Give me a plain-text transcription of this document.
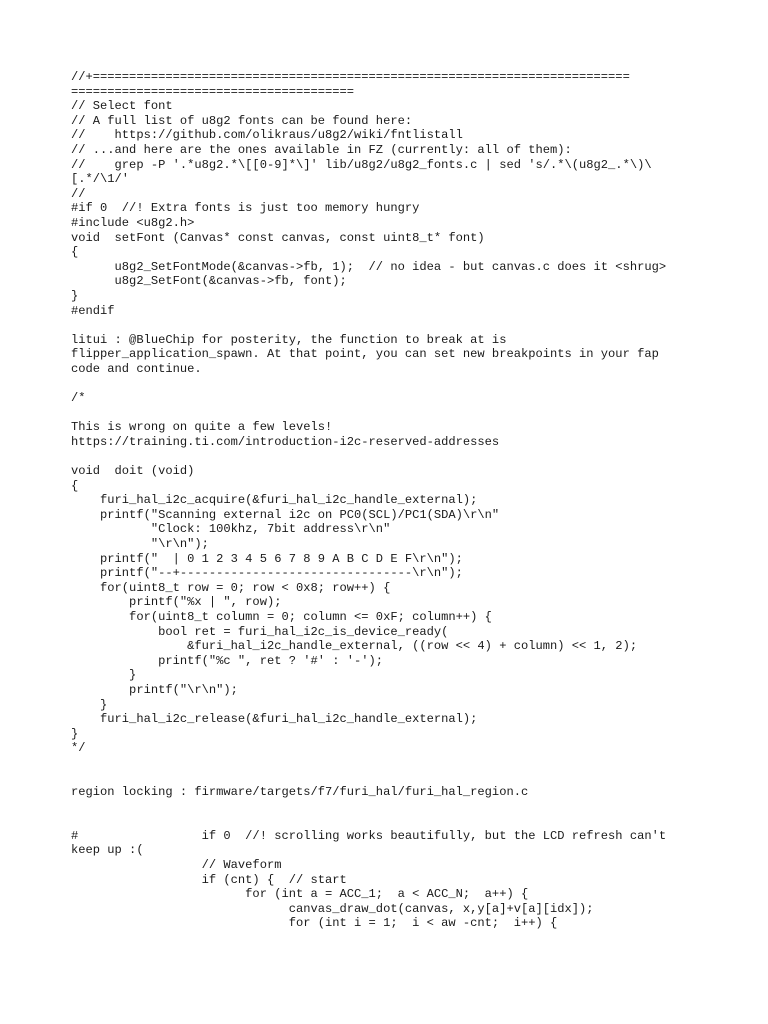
//+==========================================================================
=======================================
// Select font
// A full list of u8g2 fonts can be found here:
//    https://github.com/olikraus/u8g2/wiki/fntlistall
// ...and here are the ones available in FZ (currently: all of them):
//    grep -P '.*u8g2.*\[[0-9]*\]' lib/u8g2/u8g2_fonts.c | sed 's/.*\(u8g2_.*\)\
[.*/\1/'
//
#if 0  //! Extra fonts is just too memory hungry
#include <u8g2.h>
void  setFont (Canvas* const canvas, const uint8_t* font)
{
u8g2_SetFontMode(&canvas->fb, 1);  // no idea - but canvas.c does it <shrug>
u8g2_SetFont(&canvas->fb, font);
}
#endif
litui : @BlueChip for posterity, the function to break at is
flipper_application_spawn. At that point, you can set new breakpoints in your fap
code and continue.
/*
This is wrong on quite a few levels!
https://training.ti.com/introduction-i2c-reserved-addresses
void  doit (void)
{
furi_hal_i2c_acquire(&furi_hal_i2c_handle_external);
printf("Scanning external i2c on PC0(SCL)/PC1(SDA)\r\n"
"Clock: 100khz, 7bit address\r\n"
"\r\n");
printf("  | 0 1 2 3 4 5 6 7 8 9 A B C D E F\r\n");
printf("--+--------------------------------\r\n");
for(uint8_t row = 0; row < 0x8; row++) {
printf("%x | ", row);
for(uint8_t column = 0; column <= 0xF; column++) {
bool ret = furi_hal_i2c_is_device_ready(
&furi_hal_i2c_handle_external, ((row << 4) + column) << 1, 2);
printf("%c ", ret ? '#' : '-');
}
printf("\r\n");
}
furi_hal_i2c_release(&furi_hal_i2c_handle_external);
}
*/
region locking : firmware/targets/f7/furi_hal/furi_hal_region.c
#                 if 0  //! scrolling works beautifully, but the LCD refresh can't
keep up :(
// Waveform
if (cnt) {  // start
for (int a = ACC_1;  a < ACC_N;  a++) {
canvas_draw_dot(canvas, x,y[a]+v[a][idx]);
for (int i = 1;  i < aw -cnt;  i++) {
